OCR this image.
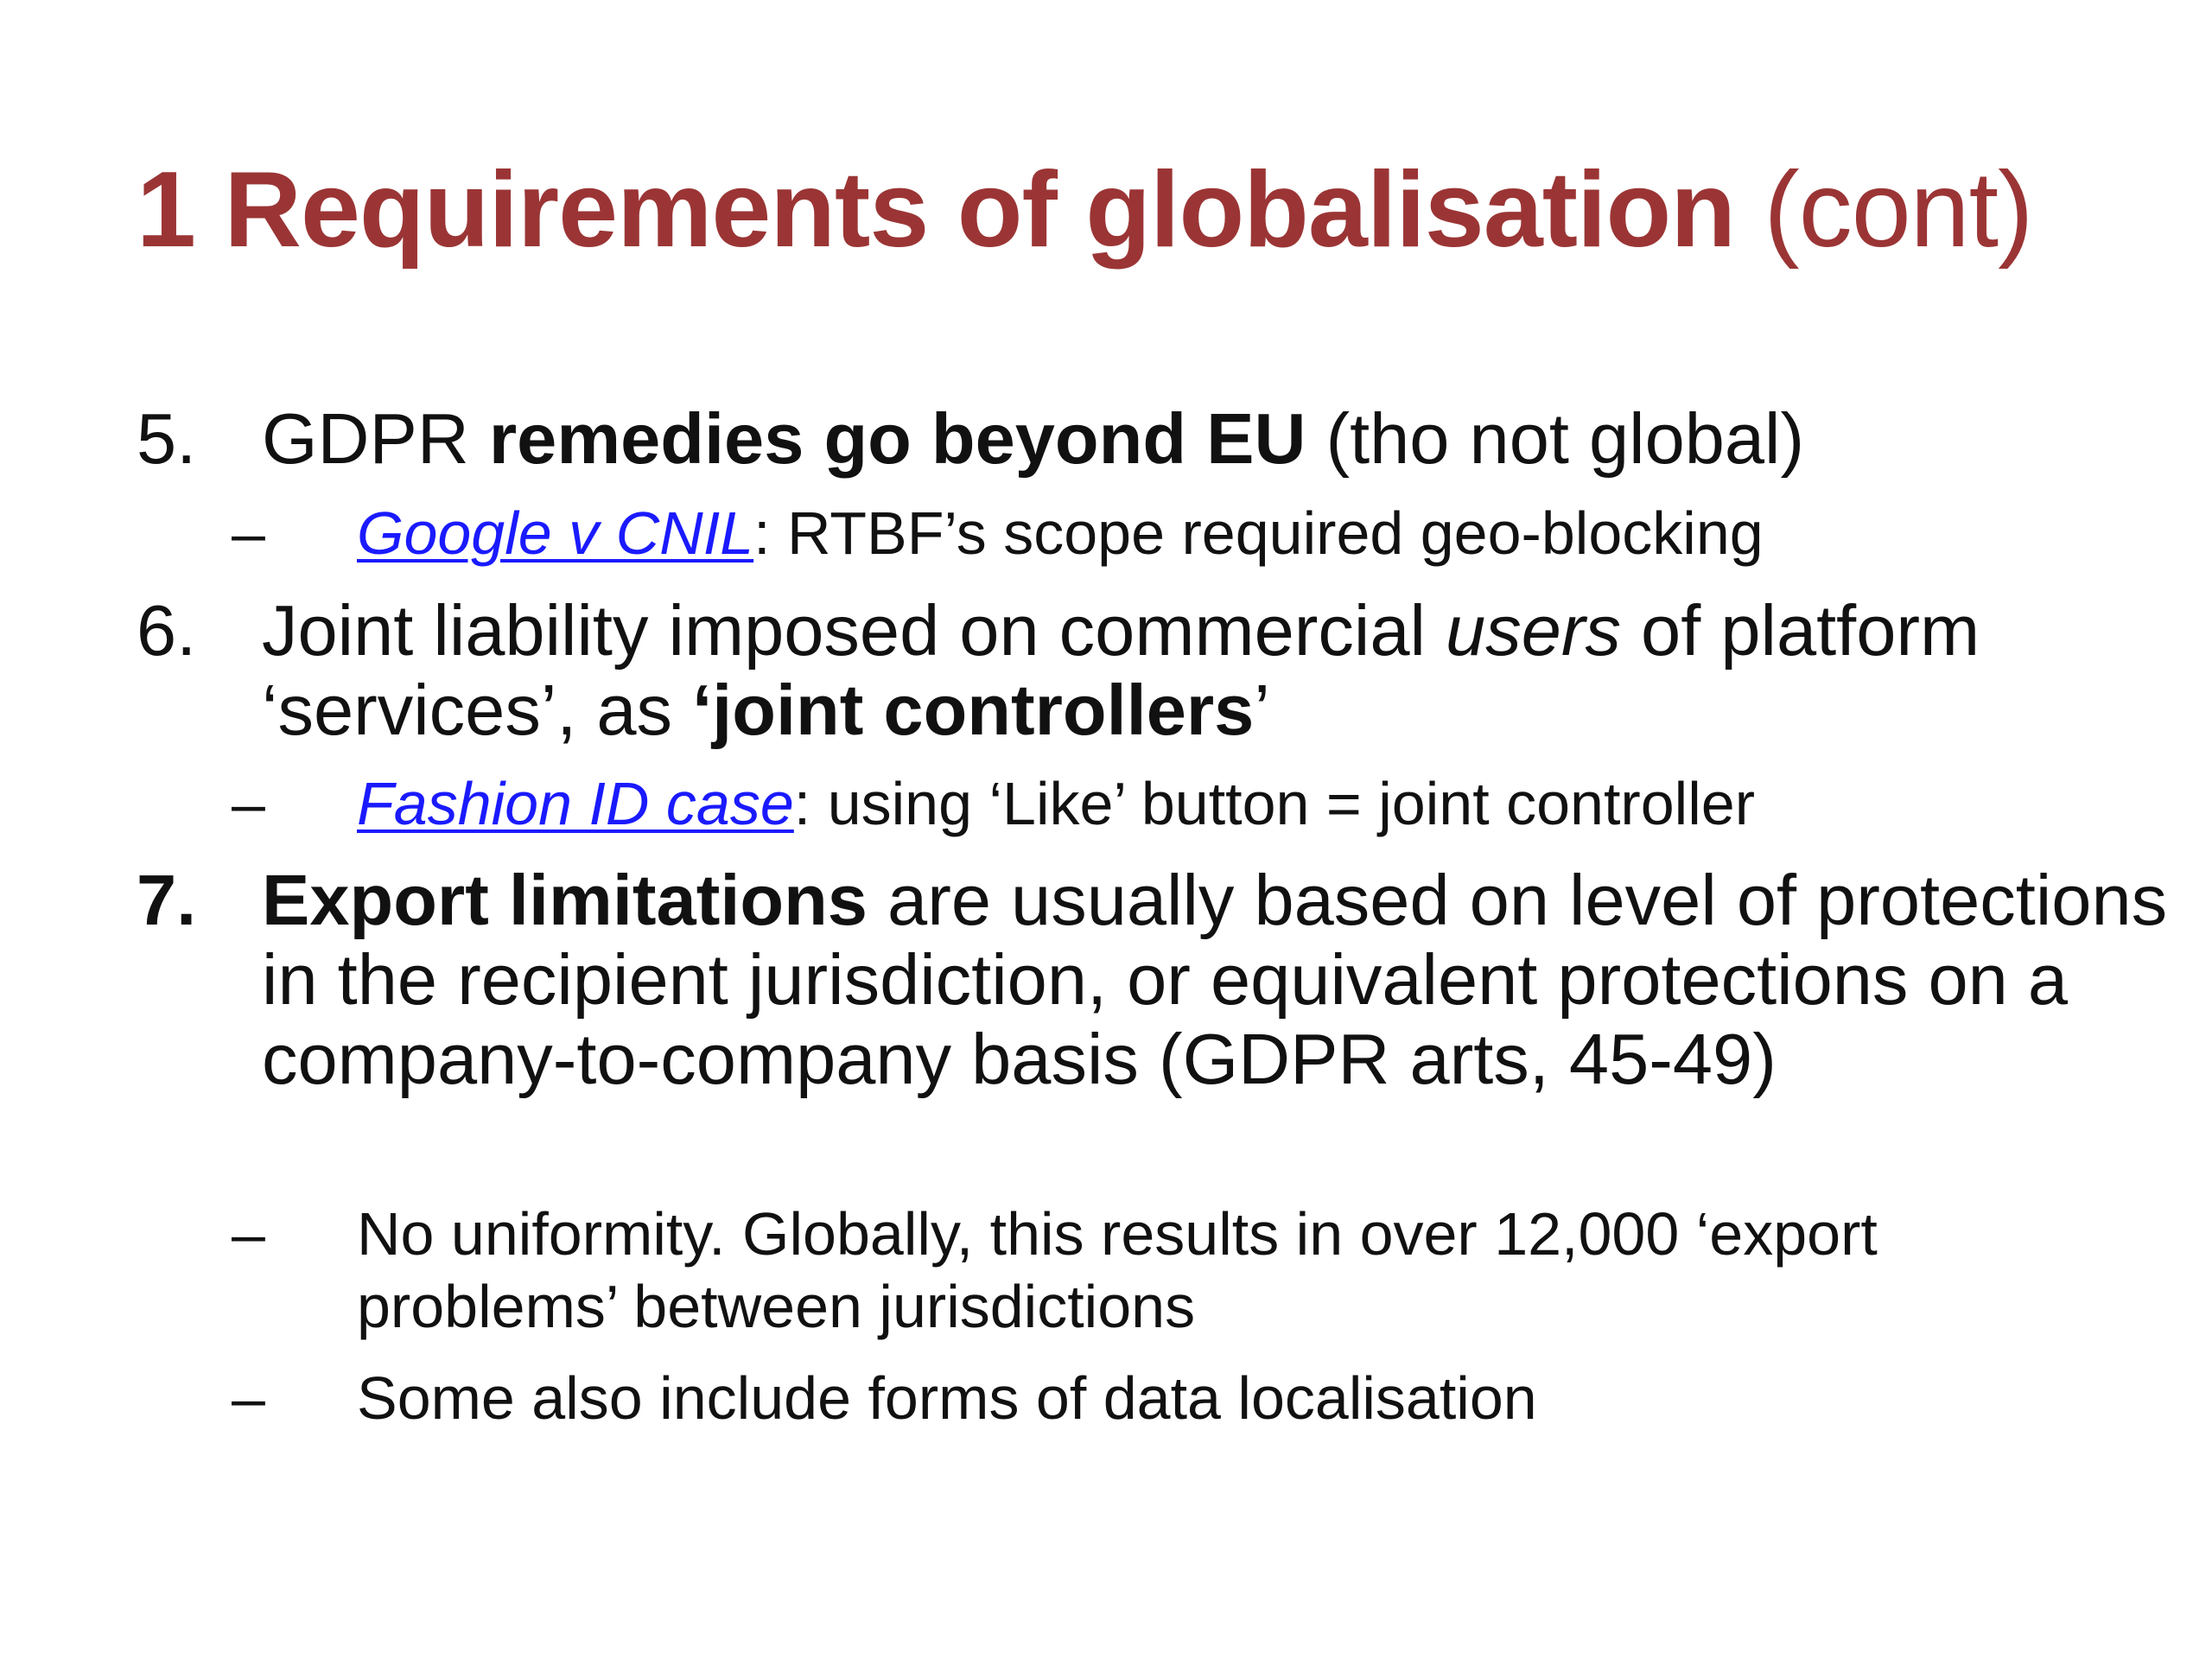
1 Requirements of globalisation (cont)
5. GDPR remedies go beyond EU (tho not global)
–	Google v CNIL: RTBF’s scope required geo-blocking
6. Joint liability imposed on commercial users of platform ‘services’, as ‘joint controllers’
–	Fashion ID case: using ‘Like’ button = joint controller
7. Export limitations are usually based on level of protections in the recipient jurisdiction, or equivalent protections on a company-to-company basis (GDPR arts, 45-49)
–	No uniformity. Globally, this results in over 12,000 ‘export problems’ between jurisdictions
–	Some also include forms of data localisation
